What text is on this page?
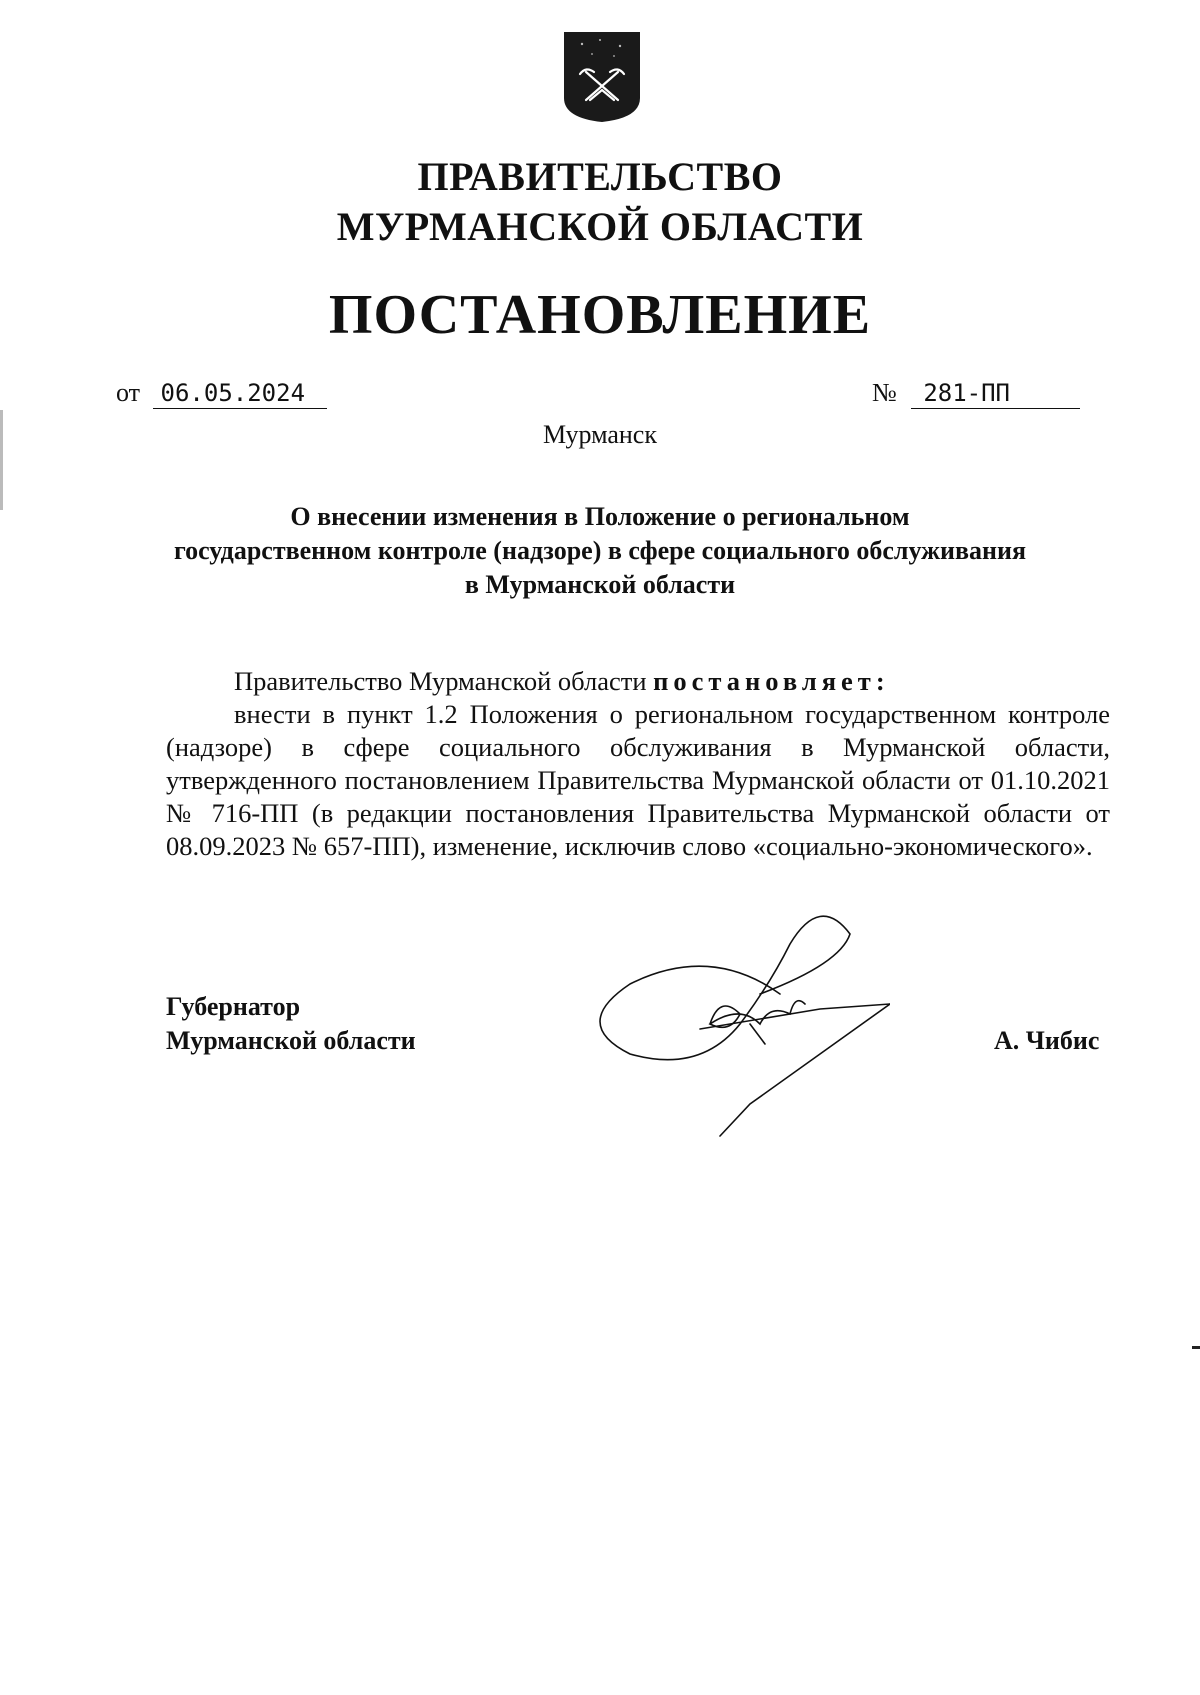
ПРАВИТЕЛЬСТВО
МУРМАНСКОЙ ОБЛАСТИ
ПОСТАНОВЛЕНИЕ
от 06.05.2024	№ 281-ПП
Мурманск
О внесении изменения в Положение о региональном
государственном контроле (надзоре) в сфере социального обслуживания
в Мурманской области

Правительство Мурманской области постановляет:

внести в пункт 1.2 Положения о региональном государственном контроле (надзоре) в сфере социального обслуживания в Мурманской области, утвержденного постановлением Правительства Мурманской области от 01.10.2021 № 716-ПП (в редакции постановления Правительства Мурманской области от 08.09.2023 № 657-ПП), изменение, исключив слово «социально-экономического».

Губернатор
Мурманской области	А. Чибис
